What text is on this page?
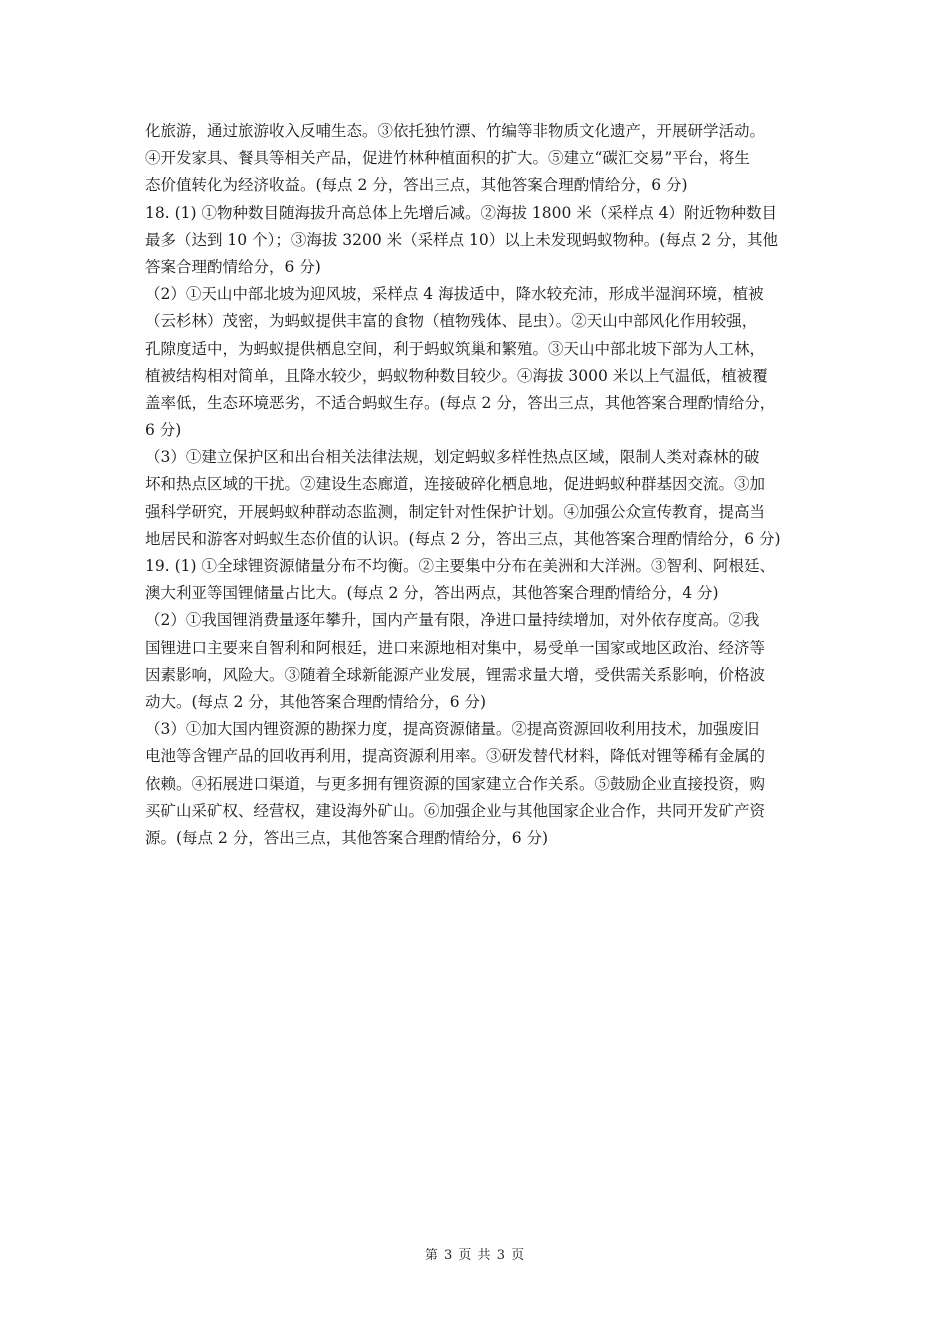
化旅游，通过旅游收入反哺生态。③依托独竹漂、竹编等非物质文化遗产，开展研学活动。
④开发家具、餐具等相关产品，促进竹林种植面积的扩大。⑤建立“碳汇交易”平台，将生
态价值转化为经济收益。(每点 2 分，答出三点，其他答案合理酌情给分，6 分)
18. (1) ①物种数目随海拔升高总体上先增后减。②海拔 1800 米（采样点 4）附近物种数目
最多（达到 10 个）；③海拔 3200 米（采样点 10）以上未发现蚂蚁物种。(每点 2 分，其他
答案合理酌情给分，6 分)
（2）①天山中部北坡为迎风坡，采样点 4 海拔适中，降水较充沛，形成半湿润环境，植被
（云杉林）茂密，为蚂蚁提供丰富的食物（植物残体、昆虫）。②天山中部风化作用较强，
孔隙度适中，为蚂蚁提供栖息空间，利于蚂蚁筑巢和繁殖。③天山中部北坡下部为人工林，
植被结构相对简单，且降水较少，蚂蚁物种数目较少。④海拔 3000 米以上气温低，植被覆
盖率低，生态环境恶劣，不适合蚂蚁生存。(每点 2 分，答出三点，其他答案合理酌情给分，
6 分)
（3）①建立保护区和出台相关法律法规，划定蚂蚁多样性热点区域，限制人类对森林的破
坏和热点区域的干扰。②建设生态廊道，连接破碎化栖息地，促进蚂蚁种群基因交流。③加
强科学研究，开展蚂蚁种群动态监测，制定针对性保护计划。④加强公众宣传教育，提高当
地居民和游客对蚂蚁生态价值的认识。(每点 2 分，答出三点，其他答案合理酌情给分，6 分)
19. (1) ①全球锂资源储量分布不均衡。②主要集中分布在美洲和大洋洲。③智利、阿根廷、
澳大利亚等国锂储量占比大。(每点 2 分，答出两点，其他答案合理酌情给分，4 分)
（2）①我国锂消费量逐年攀升，国内产量有限，净进口量持续增加，对外依存度高。②我
国锂进口主要来自智利和阿根廷，进口来源地相对集中，易受单一国家或地区政治、经济等
因素影响，风险大。③随着全球新能源产业发展，锂需求量大增，受供需关系影响，价格波
动大。(每点 2 分，其他答案合理酌情给分，6 分)
（3）①加大国内锂资源的勘探力度，提高资源储量。②提高资源回收利用技术，加强废旧
电池等含锂产品的回收再利用，提高资源利用率。③研发替代材料，降低对锂等稀有金属的
依赖。④拓展进口渠道，与更多拥有锂资源的国家建立合作关系。⑤鼓励企业直接投资，购
买矿山采矿权、经营权，建设海外矿山。⑥加强企业与其他国家企业合作，共同开发矿产资
源。(每点 2 分，答出三点，其他答案合理酌情给分，6 分)
第 3 页 共 3 页
